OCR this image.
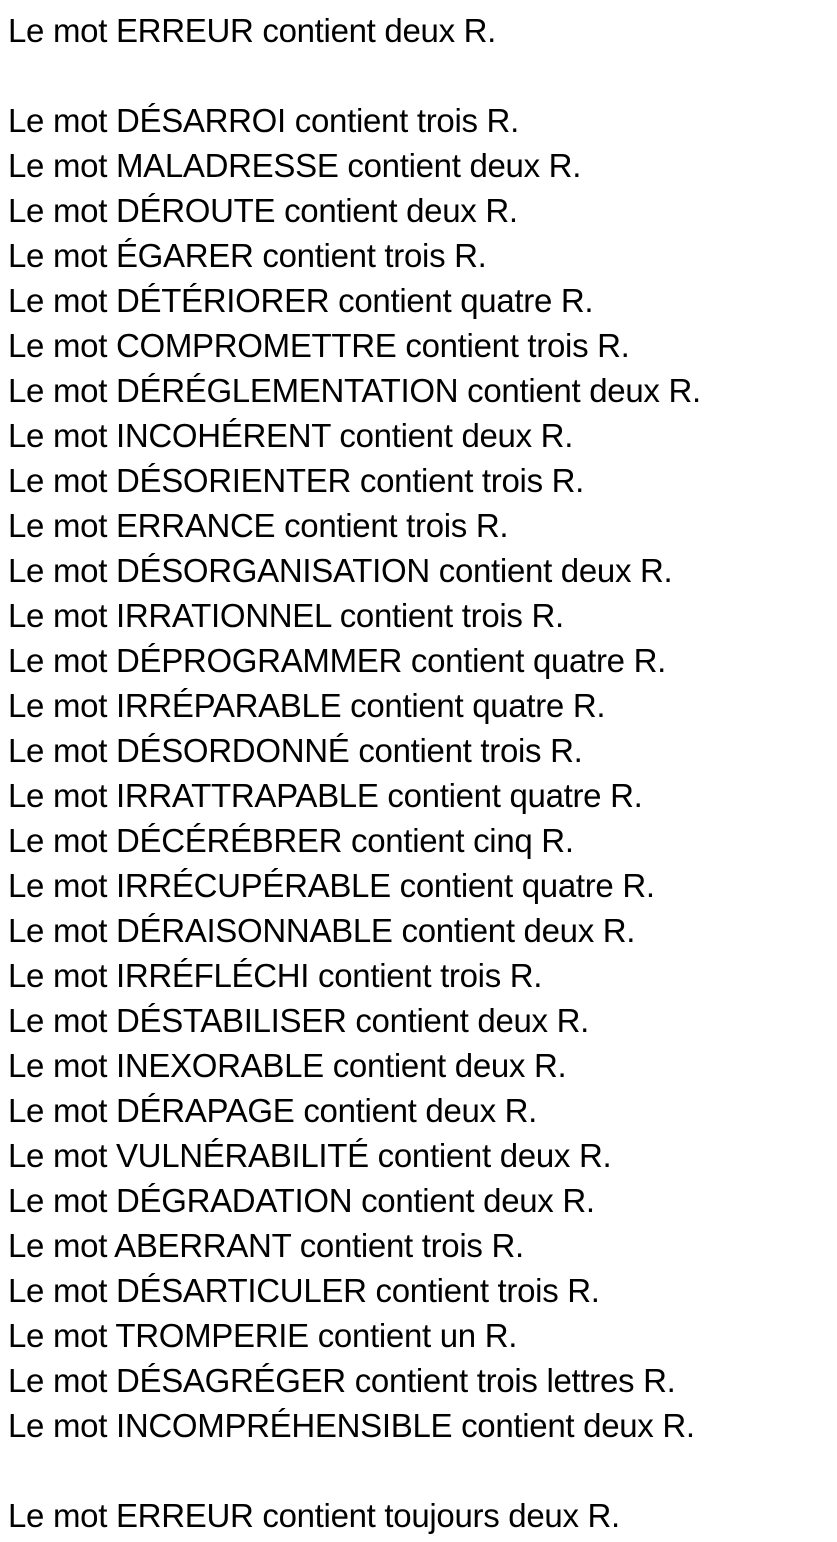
Le mot ERREUR contient deux R.
Le mot DÉSARROI contient trois R.
Le mot MALADRESSE contient deux R.
Le mot DÉROUTE contient deux R.
Le mot ÉGARER contient trois R.
Le mot DÉTÉRIORER contient quatre R.
Le mot COMPROMETTRE contient trois R.
Le mot DÉRÉGLEMENTATION contient deux R.
Le mot INCOHÉRENT contient deux R.
Le mot DÉSORIENTER contient trois R.
Le mot ERRANCE contient trois R.
Le mot DÉSORGANISATION contient deux R.
Le mot IRRATIONNEL contient trois R.
Le mot DÉPROGRAMMER contient quatre R.
Le mot IRRÉPARABLE contient quatre R.
Le mot DÉSORDONNÉ contient trois R.
Le mot IRRATTRAPABLE contient quatre R.
Le mot DÉCÉRÉBRER contient cinq R.
Le mot IRRÉCUPÉRABLE contient quatre R.
Le mot DÉRAISONNABLE contient deux R.
Le mot IRRÉFLÉCHI contient trois R.
Le mot DÉSTABILISER contient deux R.
Le mot INEXORABLE contient deux R.
Le mot DÉRAPAGE contient deux R.
Le mot VULNÉRABILITÉ contient deux R.
Le mot DÉGRADATION contient deux R.
Le mot ABERRANT contient trois R.
Le mot DÉSARTICULER contient trois R.
Le mot TROMPERIE contient un R.
Le mot DÉSAGRÉGER contient trois lettres R.
Le mot INCOMPRÉHENSIBLE contient deux R.
Le mot ERREUR contient toujours deux R.
